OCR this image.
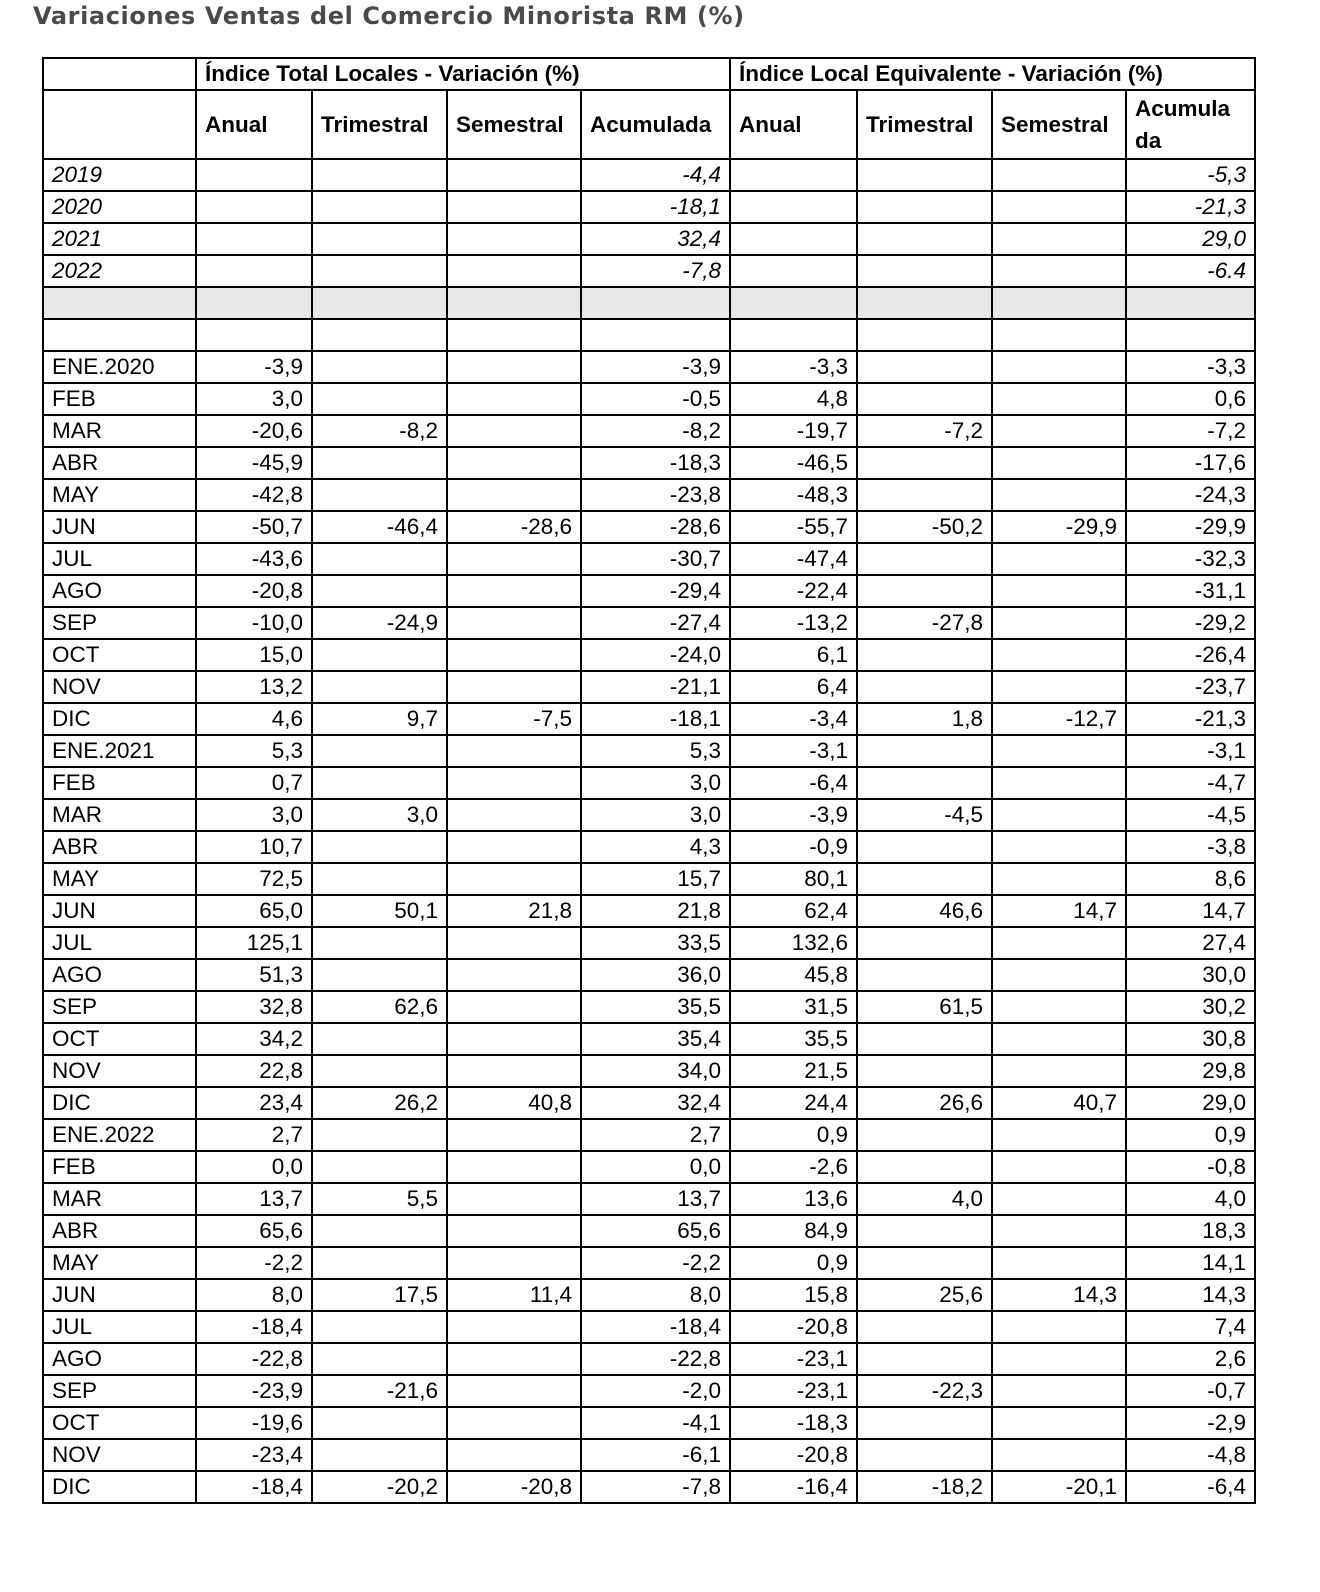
Variaciones Ventas del Comercio Minorista RM (%)
	Índice Total Locales - Variación (%)				Índice Local Equivalente - Variación (%)			
	Anual	Trimestral	Semestral	Acumulada	Anual	Trimestral	Semestral	Acumula da
2019				-4,4				-5,3
2020				-18,1				-21,3
2021				32,4				29,0
2022				-7,8				-6.4

ENE.2020	-3,9			-3,9	-3,3			-3,3
FEB	3,0			-0,5	4,8			0,6
MAR	-20,6	-8,2		-8,2	-19,7	-7,2		-7,2
ABR	-45,9			-18,3	-46,5			-17,6
MAY	-42,8			-23,8	-48,3			-24,3
JUN	-50,7	-46,4	-28,6	-28,6	-55,7	-50,2	-29,9	-29,9
JUL	-43,6			-30,7	-47,4			-32,3
AGO	-20,8			-29,4	-22,4			-31,1
SEP	-10,0	-24,9		-27,4	-13,2	-27,8		-29,2
OCT	15,0			-24,0	6,1			-26,4
NOV	13,2			-21,1	6,4			-23,7
DIC	4,6	9,7	-7,5	-18,1	-3,4	1,8	-12,7	-21,3
ENE.2021	5,3			5,3	-3,1			-3,1
FEB	0,7			3,0	-6,4			-4,7
MAR	3,0	3,0		3,0	-3,9	-4,5		-4,5
ABR	10,7			4,3	-0,9			-3,8
MAY	72,5			15,7	80,1			8,6
JUN	65,0	50,1	21,8	21,8	62,4	46,6	14,7	14,7
JUL	125,1			33,5	132,6			27,4
AGO	51,3			36,0	45,8			30,0
SEP	32,8	62,6		35,5	31,5	61,5		30,2
OCT	34,2			35,4	35,5			30,8
NOV	22,8			34,0	21,5			29,8
DIC	23,4	26,2	40,8	32,4	24,4	26,6	40,7	29,0
ENE.2022	2,7			2,7	0,9			0,9
FEB	0,0			0,0	-2,6			-0,8
MAR	13,7	5,5		13,7	13,6	4,0		4,0
ABR	65,6			65,6	84,9			18,3
MAY	-2,2			-2,2	0,9			14,1
JUN	8,0	17,5	11,4	8,0	15,8	25,6	14,3	14,3
JUL	-18,4			-18,4	-20,8			7,4
AGO	-22,8			-22,8	-23,1			2,6
SEP	-23,9	-21,6		-2,0	-23,1	-22,3		-0,7
OCT	-19,6			-4,1	-18,3			-2,9
NOV	-23,4			-6,1	-20,8			-4,8
DIC	-18,4	-20,2	-20,8	-7,8	-16,4	-18,2	-20,1	-6,4
